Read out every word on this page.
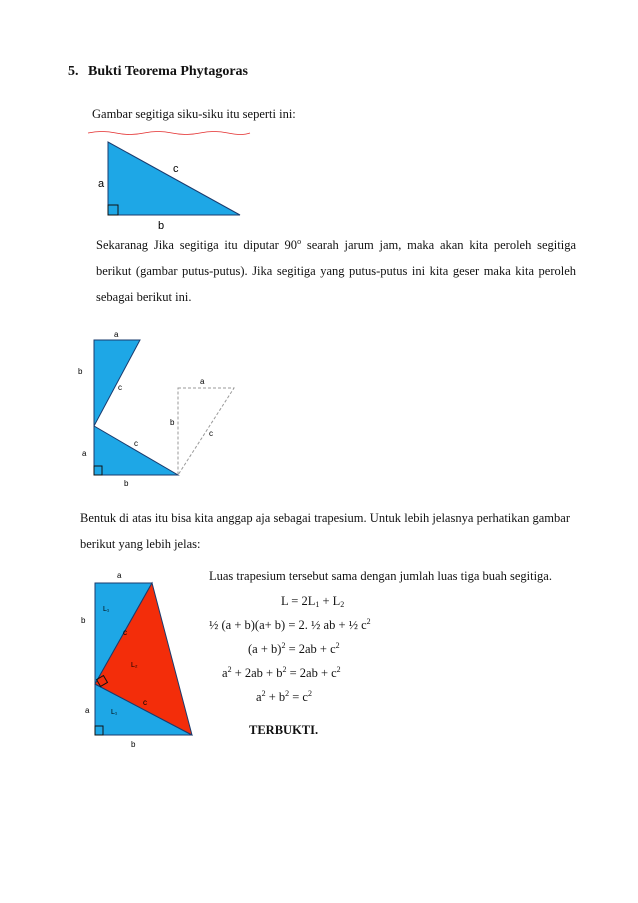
5. Bukti Teorema Phytagoras
Gambar segitiga siku-siku itu seperti ini:
a
b
c
Sekaranag Jika segitiga itu diputar 90$^o$ searah jarum jam, maka akan kita peroleh segitiga berikut (gambar putus-putus). Jika segitiga yang putus-putus ini kita geser maka kita peroleh sebagai berikut ini.
a
b
c
c
a
b
a
b
c
Bentuk di atas itu bisa kita anggap aja sebagai trapesium. Untuk lebih jelasnya perhatikan gambar berikut yang lebih jelas:
a
b
L₁
c
L₂
c
a	L₁
b
Luas trapesium tersebut sama dengan jumlah luas tiga buah segitiga.
$L = 2L_1 + L_2$
½ (a + b)(a+ b) = 2. ½ ab + ½ $c^2$
$(a + b)^2 = 2ab + c^2$
$a^2 + 2ab + b^2 = 2ab + c^2$
$a^2 + b^2 = c^2$
TERBUKTI.
